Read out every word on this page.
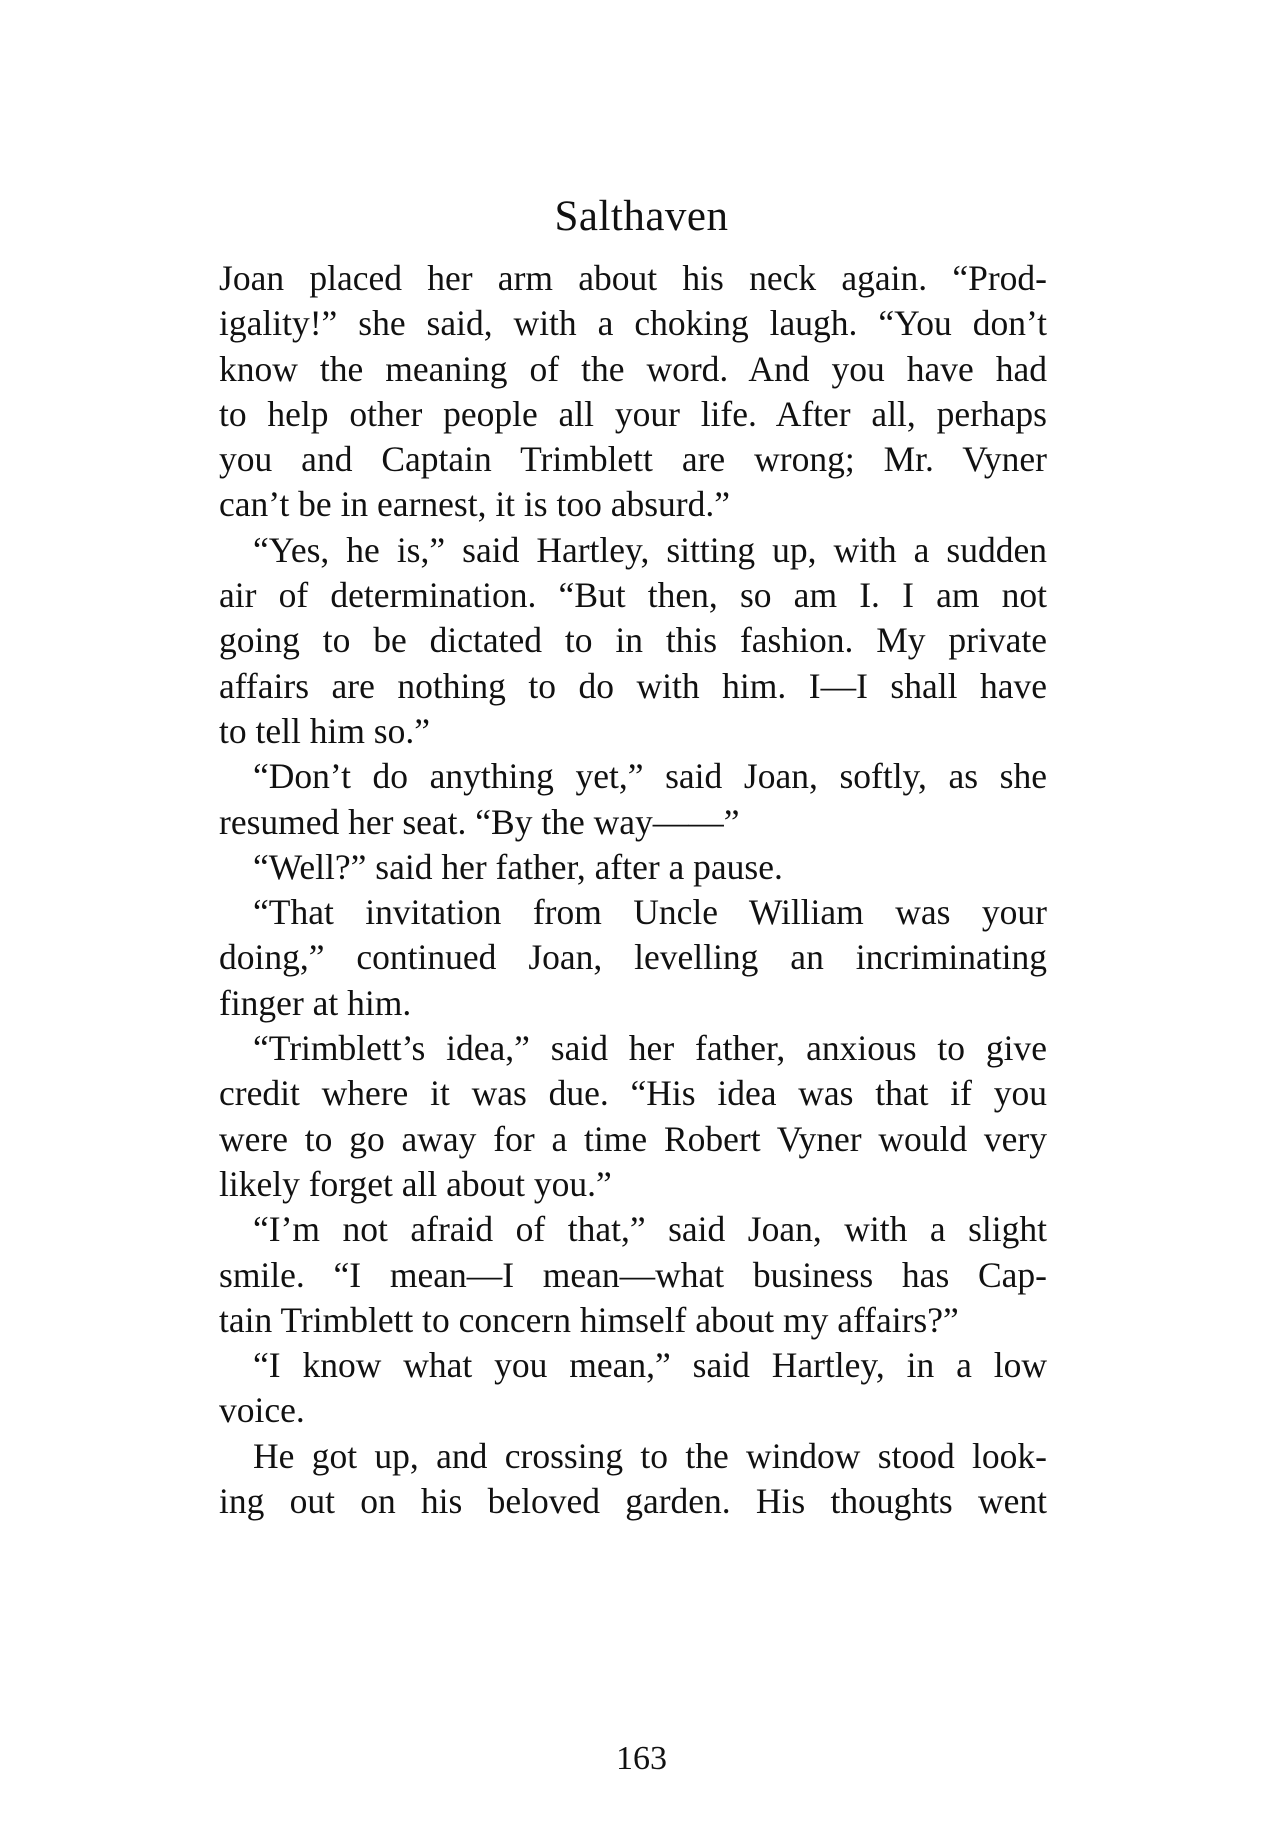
Salthaven
Joan placed her arm about his neck again. “Prod-
igality!” she said, with a choking laugh. “You don’t
know the meaning of the word. And you have had
to help other people all your life. After all, perhaps
you and Captain Trimblett are wrong; Mr. Vyner
can’t be in earnest, it is too absurd.”
“Yes, he is,” said Hartley, sitting up, with a sudden
air of determination. “But then, so am I. I am not
going to be dictated to in this fashion. My private
affairs are nothing to do with him. I—I shall have
to tell him so.”
“Don’t do anything yet,” said Joan, softly, as she
resumed her seat. “By the way——”
“Well?” said her father, after a pause.
“That invitation from Uncle William was your
doing,” continued Joan, levelling an incriminating
finger at him.
“Trimblett’s idea,” said her father, anxious to give
credit where it was due. “His idea was that if you
were to go away for a time Robert Vyner would very
likely forget all about you.”
“I’m not afraid of that,” said Joan, with a slight
smile. “I mean—I mean—what business has Cap-
tain Trimblett to concern himself about my affairs?”
“I know what you mean,” said Hartley, in a low
voice.
He got up, and crossing to the window stood look-
ing out on his beloved garden. His thoughts went
163
